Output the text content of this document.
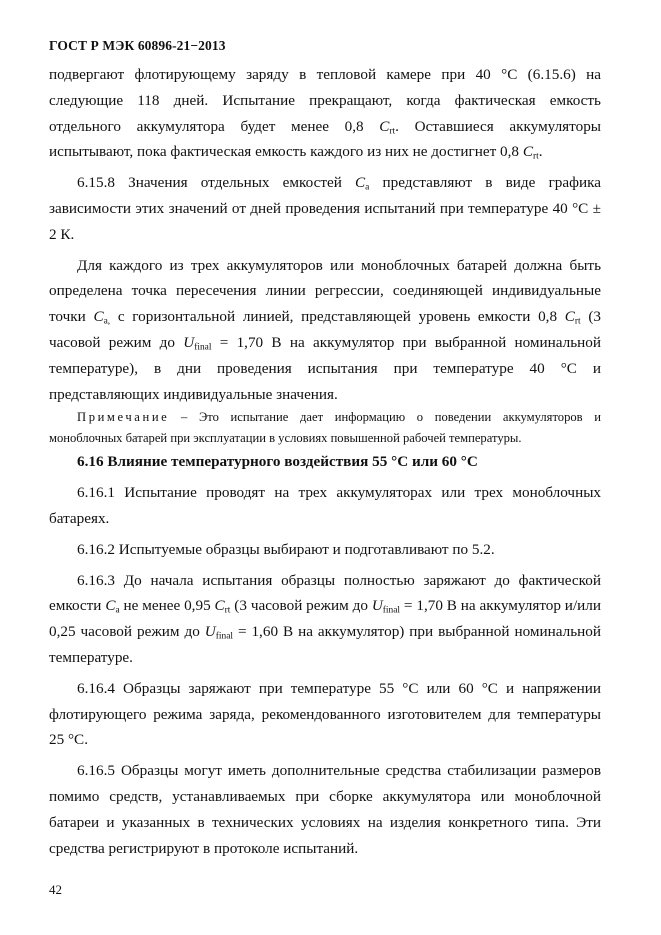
ГОСТ Р МЭК 60896-21−2013

подвергают флотирующему заряду в тепловой камере при 40 °C (6.15.6) на следующие 118 дней. Испытание прекращают, когда фактическая емкость отдельного аккумулятора будет менее 0,8 $C_{rt}$. Оставшиеся аккумуляторы испытывают, пока фактическая емкость каждого из них не достигнет 0,8 $C_{rt}$.

6.15.8 Значения отдельных емкостей $C_a$ представляют в виде графика зависимости этих значений от дней проведения испытаний при температуре 40 °C ± 2 К.

Для каждого из трех аккумуляторов или моноблочных батарей должна быть определена точка пересечения линии регрессии, соединяющей индивидуальные точки $C_{a,}$ с горизонтальной линией, представляющей уровень емкости 0,8 $C_{rt}$ (3 часовой режим до $U_{final} = 1,70$ В на аккумулятор при выбранной номинальной температуре), в дни проведения испытания при температуре 40 °C и представляющих индивидуальные значения.

Примечание – Это испытание дает информацию о поведении аккумуляторов и моноблочных батарей при эксплуатации в условиях повышенной рабочей температуры.

6.16 Влияние температурного воздействия 55 °C или 60 °C

6.16.1 Испытание проводят на трех аккумуляторах или трех моноблочных батареях.

6.16.2 Испытуемые образцы выбирают и подготавливают по 5.2.

6.16.3 До начала испытания образцы полностью заряжают до фактической емкости $C_a$ не менее 0,95 $C_{rt}$ (3 часовой режим до $U_{final} = 1,70$ В на аккумулятор и/или 0,25 часовой режим до $U_{final} = 1,60$ В на аккумулятор) при выбранной номинальной температуре.

6.16.4 Образцы заряжают при температуре 55 °C или 60 °C и напряжении флотирующего режима заряда, рекомендованного изготовителем для температуры 25 °C.

6.16.5 Образцы могут иметь дополнительные средства стабилизации размеров помимо средств, устанавливаемых при сборке аккумулятора или моноблочной батареи и указанных в технических условиях на изделия конкретного типа. Эти средства регистрируют в протоколе испытаний.

42
